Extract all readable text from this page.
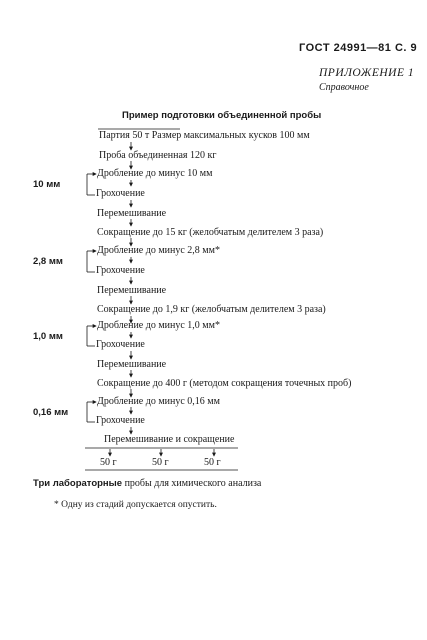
ГОСТ 24991—81 С. 9
ПРИЛОЖЕНИЕ 1
Справочное
Пример подготовки объединенной пробы
Партия 50 т Размер максимальных кусков 100 мм
Проба объединенная 120 кг
10 мм
Дробление до минус 10 мм
Грохочение
Перемешивание
Сокращение до 15 кг (желобчатым делителем 3 раза)
2,8 мм
Дробление до минус 2,8 мм*
Грохочение
Перемешивание
Сокращение до 1,9 кг (желобчатым делителем 3 раза)
1,0 мм
Дробление до минус 1,0 мм*
Грохочение
Перемешивание
Сокращение до 400 г (методом сокращения точечных проб)
0,16 мм
Дробление до минус 0,16 мм
Грохочение
Перемешивание и сокращение
50 г	50 г	50 г
Три лабораторные пробы для химического анализа
* Одну из стадий допускается опустить.
